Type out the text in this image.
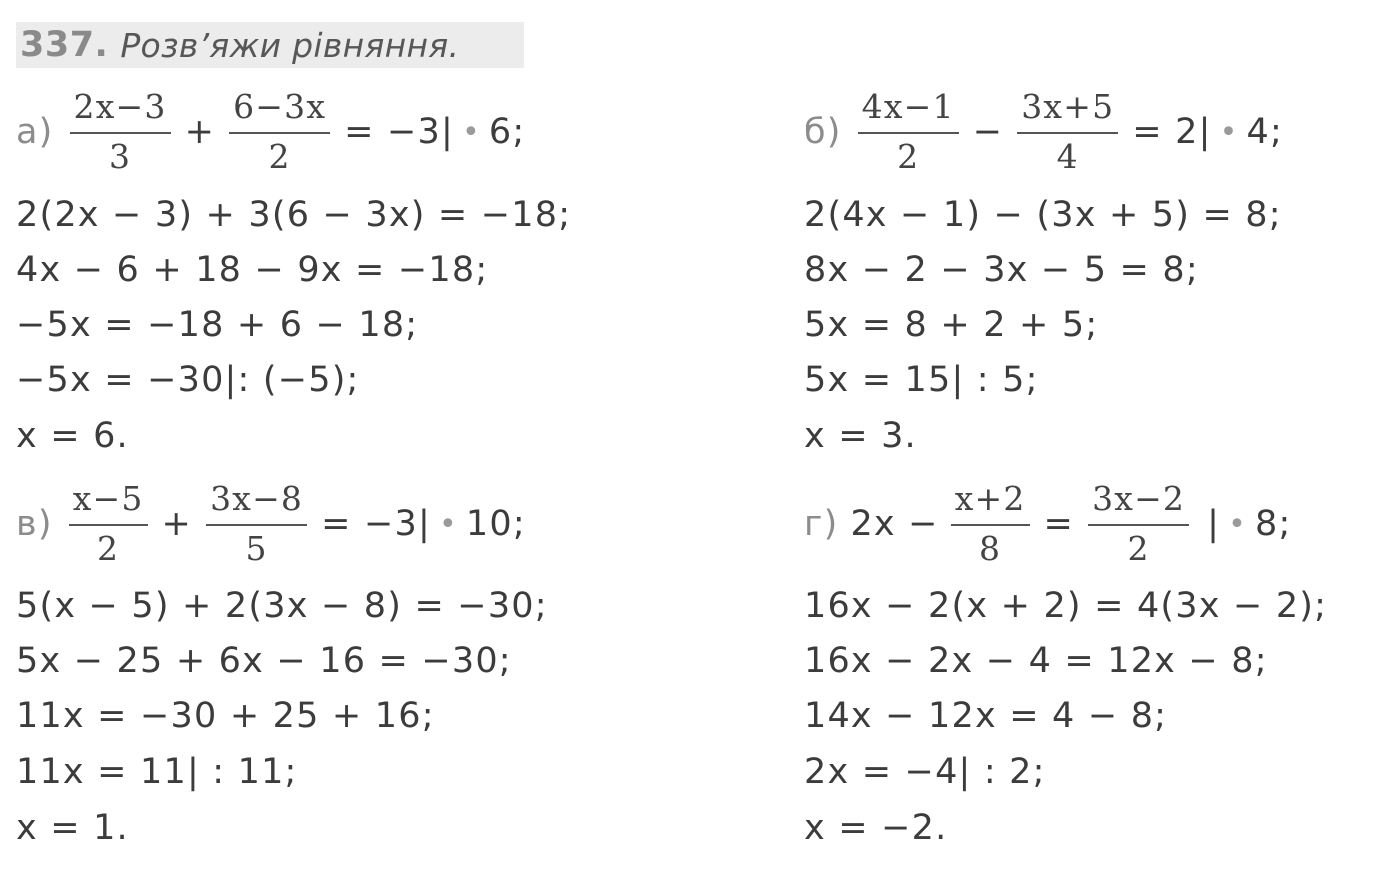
337. Розв’яжи рівняння.
$а) \frac{2x-3}{3} + \frac{6-3x}{2} = -3|$ • 6;
2(2x − 3) + 3(6 − 3x) = −18;
4x − 6 + 18 − 9x = −18;
−5x = −18 + 6 − 18;
−5x = −30|: (−5);
x = 6.
$б) \frac{4x-1}{2} - \frac{3x+5}{4} = 2|$ • 4;
2(4x − 1) − (3x + 5) = 8;
8x − 2 − 3x − 5 = 8;
5x = 8 + 2 + 5;
5x = 15| : 5;
x = 3.
$в) \frac{x-5}{2} + \frac{3x-8}{5} = -3|$ • 10;
5(x − 5) + 2(3x − 8) = −30;
5x − 25 + 6x − 16 = −30;
11x = −30 + 25 + 16;
11x = 11| : 11;
x = 1.
г) $2x - \frac{x+2}{8} = \frac{3x-2}{2}$ | • 8;
16x − 2(x + 2) = 4(3x − 2);
16x − 2x − 4 = 12x − 8;
14x − 12x = 4 − 8;
2x = −4| : 2;
x = −2.
